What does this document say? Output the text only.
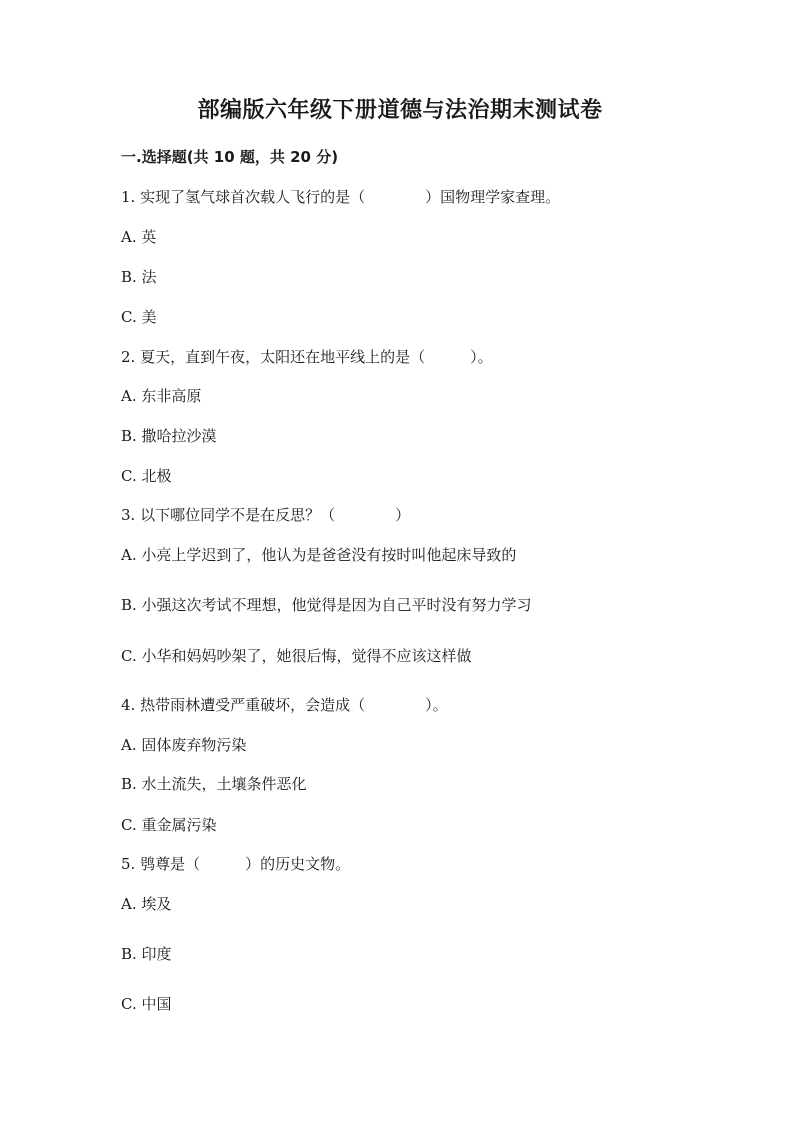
部编版六年级下册道德与法治期末测试卷
一.选择题(共 10 题，共 20 分)
1. 实现了氢气球首次载人飞行的是（　　　　）国物理学家查理。
A. 英
B. 法
C. 美
2. 夏天，直到午夜，太阳还在地平线上的是（　　　）。
A. 东非高原
B. 撒哈拉沙漠
C. 北极
3. 以下哪位同学不是在反思？（　　　　）
A. 小亮上学迟到了，他认为是爸爸没有按时叫他起床导致的
B. 小强这次考试不理想，他觉得是因为自己平时没有努力学习
C. 小华和妈妈吵架了，她很后悔，觉得不应该这样做
4. 热带雨林遭受严重破坏，会造成（　　　　）。
A. 固体废弃物污染
B. 水土流失，土壤条件恶化
C. 重金属污染
5. 鸮尊是（　　　）的历史文物。
A. 埃及
B. 印度
C. 中国
